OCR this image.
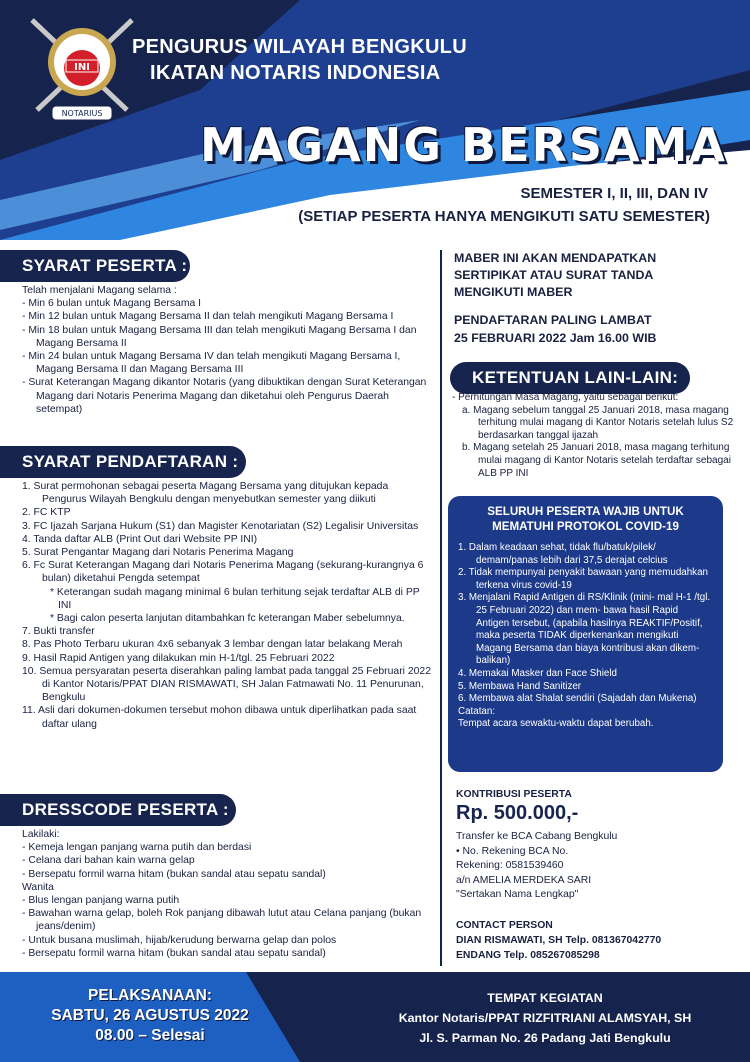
INI
NOTARIUS
PENGURUS WILAYAH BENGKULU
IKATAN NOTARIS INDONESIA
MAGANG BERSAMA
SEMESTER I, II, III, DAN IV
(SETIAP PESERTA HANYA MENGIKUTI SATU SEMESTER)
SYARAT PESERTA :

Telah menjalani Magang selama :

- Min 6 bulan untuk Magang Bersama I

- Min 12 bulan untuk Magang Bersama II dan telah mengikuti Magang Bersama I

- Min 18 bulan untuk Magang Bersama III dan telah mengikuti Magang Bersama I dan Magang Bersama II

- Min 24 bulan untuk Magang Bersama IV dan telah mengikuti Magang Bersama I, Magang Bersama II dan Magang Bersama III

- Surat Keterangan Magang dikantor Notaris (yang dibuktikan dengan Surat Keterangan Magang dari Notaris Penerima Magang dan diketahui oleh Pengurus Daerah setempat)

SYARAT PENDAFTARAN :

1. Surat permohonan sebagai peserta Magang Bersama yang ditujukan kepada Pengurus Wilayah Bengkulu dengan menyebutkan semester yang diikuti

2. FC KTP

3. FC Ijazah Sarjana Hukum (S1) dan Magister Kenotariatan (S2) Legalisir Universitas

4. Tanda daftar ALB (Print Out dari Website PP INI)

5. Surat Pengantar Magang dari Notaris Penerima Magang

6. Fc Surat Keterangan Magang dari Notaris Penerima Magang (sekurang-kurangnya 6 bulan) diketahui Pengda setempat

* Keterangan sudah magang minimal 6 bulan terhitung sejak terdaftar ALB di PP INI

* Bagi calon peserta lanjutan ditambahkan fc keterangan Maber sebelumnya.

7. Bukti transfer

8. Pas Photo Terbaru ukuran 4x6 sebanyak 3 lembar dengan latar belakang Merah

9. Hasil Rapid Antigen yang dilakukan min H-1/tgl. 25 Februari 2022

10. Semua persyaratan peserta diserahkan paling lambat pada tanggal 25 Februari 2022 di Kantor Notaris/PPAT DIAN RISMAWATI, SH Jalan Fatmawati No. 11 Penurunan, Bengkulu

11. Asli dari dokumen-dokumen tersebut mohon dibawa untuk diperlihatkan pada saat daftar ulang

DRESSCODE PESERTA :

Lakilaki:

- Kemeja lengan panjang warna putih dan berdasi

- Celana dari bahan kain warna gelap

- Bersepatu formil warna hitam (bukan sandal atau sepatu sandal)

Wanita

- Blus lengan panjang warna putih

- Bawahan warna gelap, boleh Rok panjang dibawah lutut atau Celana panjang (bukan jeans/denim)

- Untuk busana muslimah, hijab/kerudung berwarna gelap dan polos

- Bersepatu formil warna hitam (bukan sandal atau sepatu sandal)

MABER INI AKAN MENDAPATKAN SERTIPIKAT ATAU SURAT TANDA MENGIKUTI MABER
PENDAFTARAN PALING LAMBAT
25 FEBRUARI 2022 Jam 16.00 WIB
KETENTUAN LAIN-LAIN:

- Perhitungan Masa Magang, yaitu sebagai berikut:

a. Magang sebelum tanggal 25 Januari 2018, masa magang terhitung mulai magang di Kantor Notaris setelah lulus S2 berdasarkan tanggal ijazah

b. Magang setelah 25 Januari 2018, masa magang terhitung mulai magang di Kantor Notaris setelah terdaftar sebagai ALB PP INI

SELURUH PESERTA WAJIB UNTUK MEMATUHI PROTOKOL COVID-19

1. Dalam keadaan sehat, tidak flu/batuk/pilek/ demam/panas lebih dari 37,5 derajat celcius

2. Tidak mempunyai penyakit bawaan yang memudahkan terkena virus covid-19

3. Menjalani Rapid Antigen di RS/Klinik (mini- mal H-1 /tgl. 25 Februari 2022) dan mem- bawa hasil Rapid Antigen tersebut, (apabila hasilnya REAKTIF/Positif, maka peserta TIDAK diperkenankan mengikuti Magang Bersama dan biaya kontribusi akan dikem- balikan)

4. Memakai Masker dan Face Shield

5. Membawa Hand Sanitizer

6. Membawa alat Shalat sendiri (Sajadah dan Mukena)

Catatan:

Tempat acara sewaktu-waktu dapat berubah.

KONTRIBUSI PESERTA
Rp. 500.000,-

Transfer ke BCA Cabang Bengkulu

• No. Rekening BCA No.

Rekening: 0581539460

a/n AMELIA MERDEKA SARI

"Sertakan Nama Lengkap"

CONTACT PERSON

DIAN RISMAWATI, SH Telp. 081367042770

ENDANG Telp. 085267085298

PELAKSANAAN:

SABTU, 26 AGUSTUS 2022

08.00 – Selesai

TEMPAT KEGIATAN

Kantor Notaris/PPAT RIZFITRIANI ALAMSYAH, SH

Jl. S. Parman No. 26 Padang Jati Bengkulu
